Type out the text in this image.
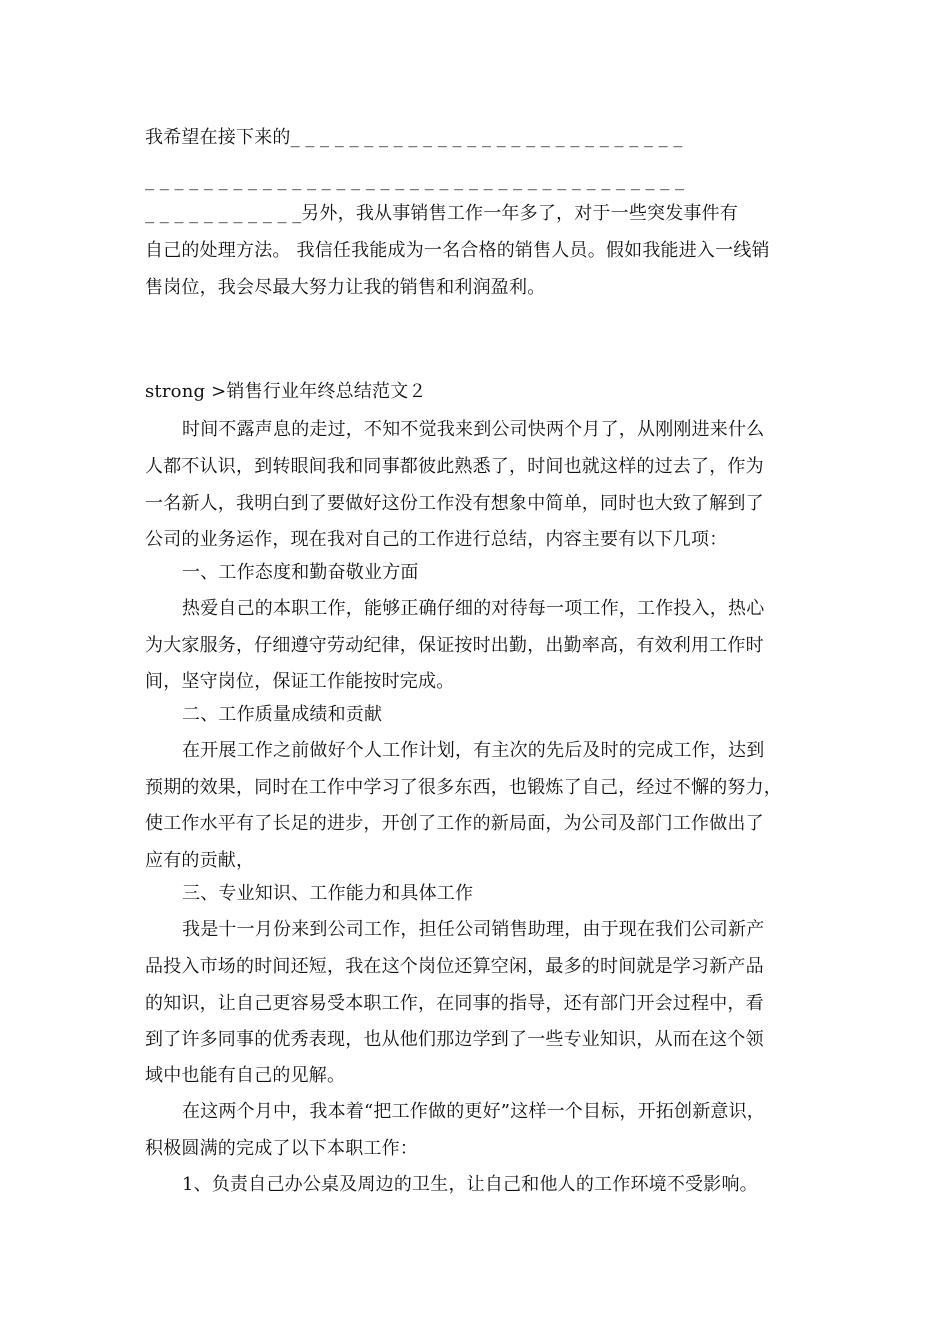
我希望在接下来的_ _ _ _ _ _ _ _ _ _ _ _ _ _ _ _ _ _ _ _ _ _ _ _ _ _ _
_ _ _ _ _ _ _ _ _ _ _ _ _ _ _ _ _ _ _ _ _ _ _ _ _ _ _ _ _ _ _ _ _ _ _ _ _
_ _ _ _ _ _ _ _ _ _ _另外，我从事销售工作一年多了，对于一些突发事件有
自己的处理方法。 我信任我能成为一名合格的销售人员。假如我能进入一线销
售岗位，我会尽最大努力让我的销售和利润盈利。
strong >销售行业年终总结范文２
时间不露声息的走过，不知不觉我来到公司快两个月了，从刚刚进来什么
人都不认识，到转眼间我和同事都彼此熟悉了，时间也就这样的过去了，作为
一名新人，我明白到了要做好这份工作没有想象中简单，同时也大致了解到了
公司的业务运作，现在我对自己的工作进行总结，内容主要有以下几项：
一、工作态度和勤奋敬业方面
热爱自己的本职工作，能够正确仔细的对待每一项工作，工作投入，热心
为大家服务，仔细遵守劳动纪律，保证按时出勤，出勤率高，有效利用工作时
间，坚守岗位，保证工作能按时完成。
二、工作质量成绩和贡献
在开展工作之前做好个人工作计划，有主次的先后及时的完成工作，达到
预期的效果，同时在工作中学习了很多东西，也锻炼了自己，经过不懈的努力，
使工作水平有了长足的进步，开创了工作的新局面，为公司及部门工作做出了
应有的贡献，
三、专业知识、工作能力和具体工作
我是十一月份来到公司工作，担任公司销售助理，由于现在我们公司新产
品投入市场的时间还短，我在这个岗位还算空闲，最多的时间就是学习新产品
的知识，让自己更容易受本职工作，在同事的指导，还有部门开会过程中，看
到了许多同事的优秀表现，也从他们那边学到了一些专业知识，从而在这个领
域中也能有自己的见解。
在这两个月中，我本着“把工作做的更好”这样一个目标，开拓创新意识，
积极圆满的完成了以下本职工作：
1、负责自己办公桌及周边的卫生，让自己和他人的工作环境不受影响。
